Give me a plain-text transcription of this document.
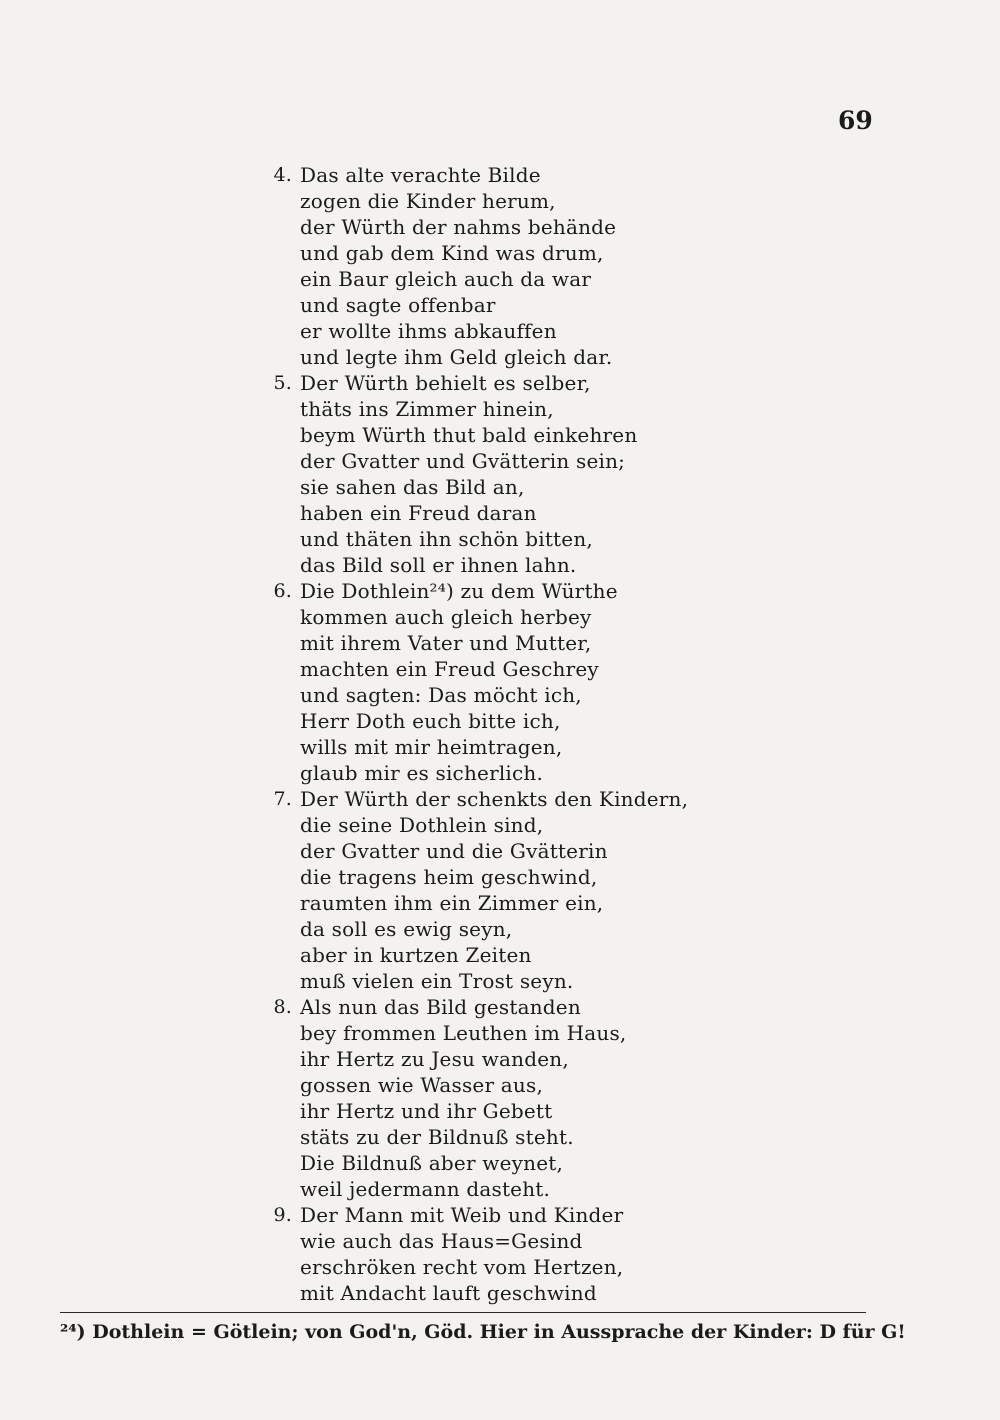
69
4. Das alte verachte Bilde
zogen die Kinder herum,
der Würth der nahms behände
und gab dem Kind was drum,
ein Baur gleich auch da war
und sagte offenbar
er wollte ihms abkauffen
und legte ihm Geld gleich dar.
5. Der Würth behielt es selber,
thäts ins Zimmer hinein,
beym Würth thut bald einkehren
der Gvatter und Gvätterin sein;
sie sahen das Bild an,
haben ein Freud daran
und thäten ihn schön bitten,
das Bild soll er ihnen lahn.
6. Die Dothlein²⁴) zu dem Würthe
kommen auch gleich herbey
mit ihrem Vater und Mutter,
machten ein Freud Geschrey
und sagten: Das möcht ich,
Herr Doth euch bitte ich,
wills mit mir heimtragen,
glaub mir es sicherlich.
7. Der Würth der schenkts den Kindern,
die seine Dothlein sind,
der Gvatter und die Gvätterin
die tragens heim geschwind,
raumten ihm ein Zimmer ein,
da soll es ewig seyn,
aber in kurtzen Zeiten
muß vielen ein Trost seyn.
8. Als nun das Bild gestanden
bey frommen Leuthen im Haus,
ihr Hertz zu Jesu wanden,
gossen wie Wasser aus,
ihr Hertz und ihr Gebett
stäts zu der Bildnuß steht.
Die Bildnuß aber weynet,
weil jedermann dasteht.
9. Der Mann mit Weib und Kinder
wie auch das Haus=Gesind
erschröken recht vom Hertzen,
mit Andacht lauft geschwind
²⁴) Dothlein = Götlein; von God'n, Göd. Hier in Aussprache der Kinder: D für G!
